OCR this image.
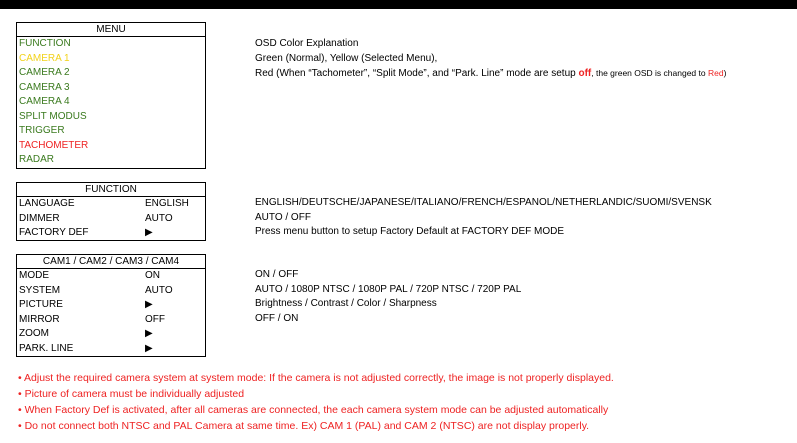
MENU
FUNCTION
CAMERA 1
CAMERA 2
CAMERA 3
CAMERA 4
SPLIT MODUS
TRIGGER
TACHOMETER
RADAR
OSD Color Explanation
Green (Normal), Yellow (Selected Menu),
Red (When “Tachometer”, “Split Mode”, and “Park. Line” mode are setup off, the green OSD is changed to Red)
FUNCTION
LANGUAGE	ENGLISH
DIMMER	AUTO
FACTORY DEF	▶
ENGLISH/DEUTSCHE/JAPANESE/ITALIANO/FRENCH/ESPANOL/NETHERLANDIC/SUOMI/SVENSK
AUTO / OFF
Press menu button to setup Factory Default at FACTORY DEF MODE
CAM1 / CAM2 / CAM3 / CAM4
MODE	ON
SYSTEM	AUTO
PICTURE	▶
MIRROR	OFF
ZOOM	▶
PARK. LINE	▶
ON / OFF
AUTO / 1080P NTSC / 1080P PAL / 720P NTSC / 720P PAL
Brightness / Contrast / Color / Sharpness
OFF / ON
• Adjust the required camera system at system mode: If the camera is not adjusted correctly, the image is not properly displayed.
• Picture of camera must be individually adjusted
• When Factory Def is activated, after all cameras are connected, the each camera system mode can be adjusted automatically
• Do not connect both NTSC and PAL Camera at same time. Ex) CAM 1 (PAL) and CAM 2 (NTSC) are not display properly.
